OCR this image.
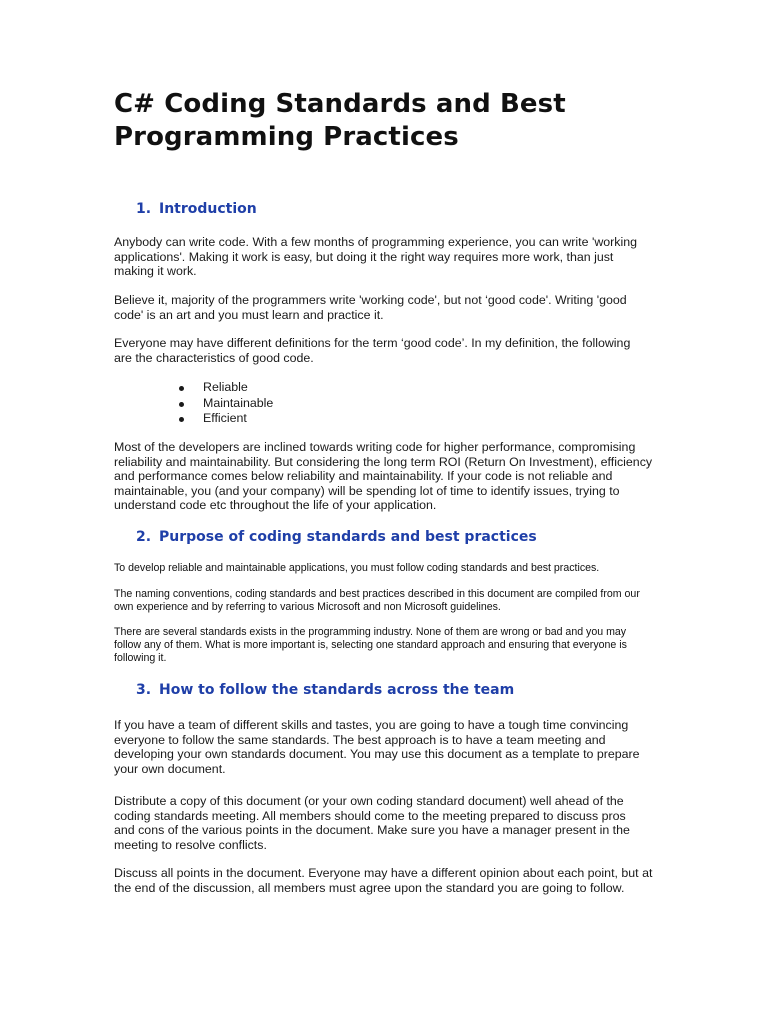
C# Coding Standards and Best Programming Practices
1. Introduction

Anybody can write code. With a few months of programming experience, you can write 'working applications'. Making it work is easy, but doing it the right way requires more work, than just making it work.

Believe it, majority of the programmers write 'working code', but not ‘good code'. Writing 'good code' is an art and you must learn and practice it.

Everyone may have different definitions for the term ‘good code’. In my definition, the following are the characteristics of good code.

Reliable
Maintainable
Efficient

Most of the developers are inclined towards writing code for higher performance, compromising reliability and maintainability. But considering the long term ROI (Return On Investment), efficiency and performance comes below reliability and maintainability. If your code is not reliable and maintainable, you (and your company) will be spending lot of time to identify issues, trying to understand code etc throughout the life of your application.

2. Purpose of coding standards and best practices

To develop reliable and maintainable applications, you must follow coding standards and best practices.

The naming conventions, coding standards and best practices described in this document are compiled from our own experience and by referring to various Microsoft and non Microsoft guidelines.

There are several standards exists in the programming industry. None of them are wrong or bad and you may follow any of them. What is more important is, selecting one standard approach and ensuring that everyone is following it.

3. How to follow the standards across the team

If you have a team of different skills and tastes, you are going to have a tough time convincing everyone to follow the same standards. The best approach is to have a team meeting and developing your own standards document. You may use this document as a template to prepare your own document.

Distribute a copy of this document (or your own coding standard document) well ahead of the coding standards meeting. All members should come to the meeting prepared to discuss pros and cons of the various points in the document. Make sure you have a manager present in the meeting to resolve conflicts.

Discuss all points in the document. Everyone may have a different opinion about each point, but at the end of the discussion, all members must agree upon the standard you are going to follow.
